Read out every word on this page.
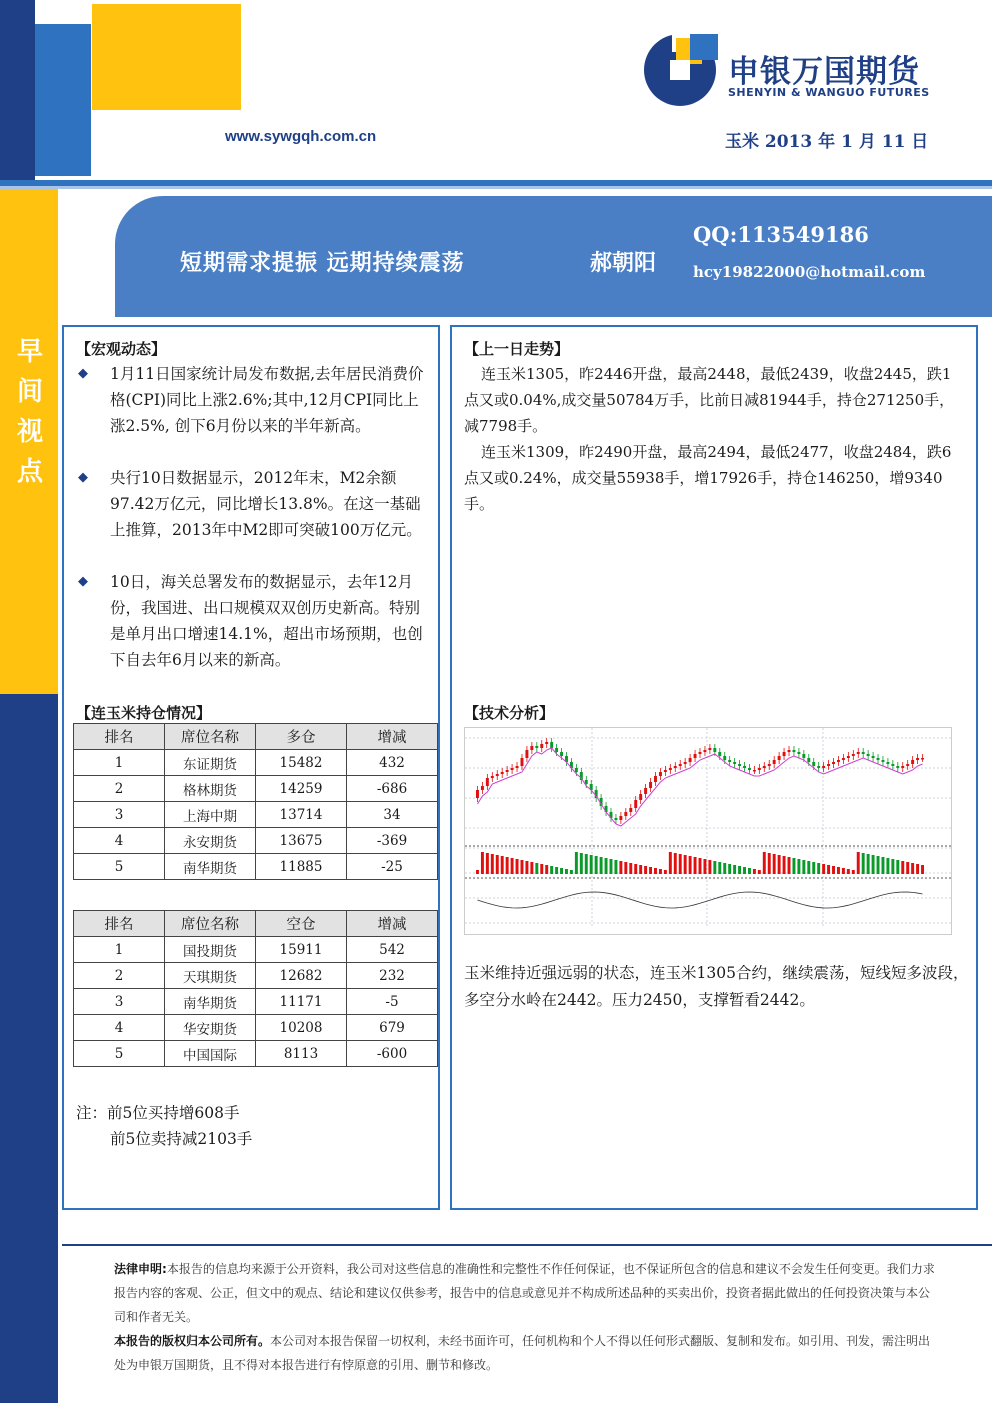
早间视点
申银万国期货
SHENYIN & WANGUO FUTURES
www.sywgqh.com.cn	玉米 2013 年 1 月 11 日
短期需求提振 远期持续震荡	郝朝阳
QQ:113549186
hcy19822000@hotmail.com
【宏观动态】
◆ 1月11日国家统计局发布数据,去年居民消费价格(CPI)同比上涨2.6%;其中,12月CPI同比上涨2.5%, 创下6月份以来的半年新高。
◆ 央行10日数据显示，2012年末，M2余额97.42万亿元，同比增长13.8%。在这一基础上推算，2013年中M2即可突破100万亿元。
◆ 10日，海关总署发布的数据显示，去年12月份，我国进、出口规模双双创历史新高。特别是单月出口增速14.1%，超出市场预期，也创下自去年6月以来的新高。
【连玉米持仓情况】
排名	席位名称	多仓	增减
1	东证期货	15482	432
2	格林期货	14259	-686
3	上海中期	13714	34
4	永安期货	13675	-369
5	南华期货	11885	-25
排名	席位名称	空仓	增减
1	国投期货	15911	542
2	天琪期货	12682	232
3	南华期货	11171	-5
4	华安期货	10208	679
5	中国国际	8113	-600
注：前5位买持增608手
前5位卖持减2103手
【上一日走势】
连玉米1305，昨2446开盘，最高2448，最低2439，收盘2445，跌1点又或0.04%,成交量50784万手，比前日减81944手，持仓271250手，减7798手。
连玉米1309，昨2490开盘，最高2494，最低2477，收盘2484，跌6点又或0.24%，成交量55938手，增17926手，持仓146250，增9340手。
【技术分析】
玉米维持近强远弱的状态，连玉米1305合约，继续震荡，短线短多波段，多空分水岭在2442。压力2450，支撑暂看2442。
法律申明:本报告的信息均来源于公开资料，我公司对这些信息的准确性和完整性不作任何保证，也不保证所包含的信息和建议不会发生任何变更。我们力求报告内容的客观、公正，但文中的观点、结论和建议仅供参考，报告中的信息或意见并不构成所述品种的买卖出价，投资者据此做出的任何投资决策与本公司和作者无关。
本报告的版权归本公司所有。本公司对本报告保留一切权利，未经书面许可，任何机构和个人不得以任何形式翻版、复制和发布。如引用、刊发，需注明出处为申银万国期货，且不得对本报告进行有悖原意的引用、删节和修改。
